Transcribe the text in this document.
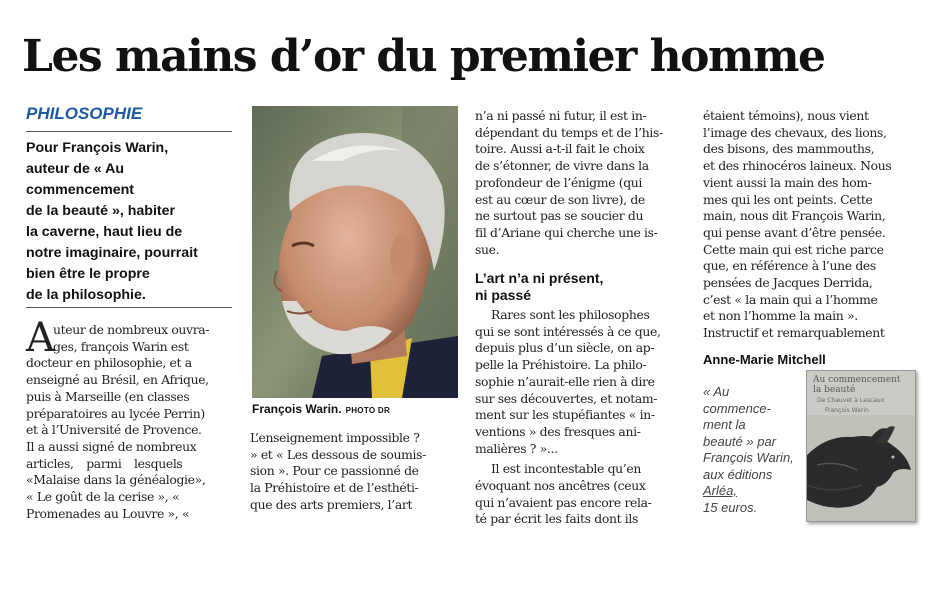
Les mains d’or du premier homme
PHILOSOPHIE
Pour François Warin,
auteur de « Au
commencement
de la beauté », habiter
la caverne, haut lieu de
notre imaginaire, pourrait
bien être le propre
de la philosophie.
A
uteur de nombreux ouvra-
ges, françois Warin est
docteur en philosophie, et a
enseigné au Brésil, en Afrique,
puis à Marseille (en classes
préparatoires au lycée Perrin)
et à l’Université de Provence.
Il a aussi signé de nombreux
articles, parmi lesquels
«Malaise dans la généalogie»,
« Le goût de la cerise », «
Promenades au Louvre », «
François Warin. PHOTO DR
L’enseignement impossible ?
» et « Les dessous de soumis-
sion ». Pour ce passionné de
la Préhistoire et de l’esthéti-
que des arts premiers, l’art
n’a ni passé ni futur, il est in-
dépendant du temps et de l’his-
toire. Aussi a-t-il fait le choix
de s’étonner, de vivre dans la
profondeur de l’énigme (qui
est au cœur de son livre), de
ne surtout pas se soucier du
fil d’Ariane qui cherche une is-
sue.
L’art n’a ni présent,
ni passé
Rares sont les philosophes
qui se sont intéressés à ce que,
depuis plus d’un siècle, on ap-
pelle la Préhistoire. La philo-
sophie n’aurait-elle rien à dire
sur ses découvertes, et notam-
ment sur les stupéfiantes « in-
ventions » des fresques ani-
malières ? »...
Il est incontestable qu’en
évoquant nos ancêtres (ceux
qui n’avaient pas encore rela-
té par écrit les faits dont ils
étaient témoins), nous vient
l’image des chevaux, des lions,
des bisons, des mammouths,
et des rhinocéros laineux. Nous
vient aussi la main des hom-
mes qui les ont peints. Cette
main, nous dit François Warin,
qui pense avant d’être pensée.
Cette main qui est riche parce
que, en référence à l’une des
pensées de Jacques Derrida,
c’est « la main qui a l’homme
et non l’homme la main ».
Instructif et remarquablement
Anne-Marie Mitchell
« Au
commence-
ment la
beauté » par
François Warin,
aux éditions
Arléa,
15 euros.
Au commencement la beauté
De Chauvet à Lascaux
François Warin
